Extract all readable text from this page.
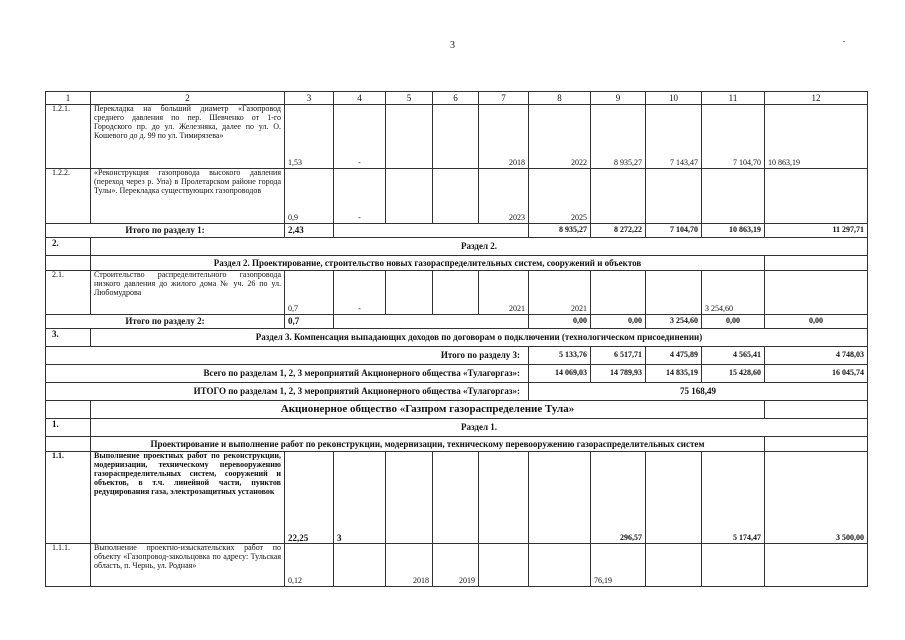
3
1	2	3	4	5	6	7	8	9	10	11	12	
1.2.1.	Перекладка на больший диаметр «Газопровод среднего давления по пер. Шевченко от 1-го Городского пр. до ул. Железняка, далее по ул. О. Кошевого до д. 99 по ул. Тимирязева»	1,53	-			2018	2022	8 935,27	7 143,47	7 104,70	10 863,19	
1.2.2.	«Реконструкция газопровода высокого давления (переход через р. Упа) в Пролетарском районе города Тулы». Перекладка существующих газопроводов	0,9	-			2023	2025					
Итого по разделу 1:		2,43					8 935,27	8 272,22	7 104,70	10 863,19	11 297,71	
2.	Раздел 2.											
	Раздел 2. Проектирование, строительство новых газораспределительных систем, сооружений и объектов											
2.1.	Строительство распределительного газопровода низкого давления до жилого дома № уч. 26 по ул. Любомудрова	0,7	-			2021	2021			3 254,60		
Итого по разделу 2:		0,7					0,00	0,00	3 254,60	0,00	0,00	
3.	Раздел 3. Компенсация выпадающих доходов по договорам о подключении (технологическом присоединении)											
Итого по разделу 3:							5 133,76	6 517,71	4 475,89	4 565,41	4 748,03	
Всего по разделам 1, 2, 3 мероприятий Акционерного общества «Тулагоргаз»:							14 069,03	14 789,93	14 835,19	15 428,60	16 045,74	
ИТОГО по разделам 1, 2, 3 мероприятий Акционерного общества «Тулагоргаз»:							75 168,49					
	Акционерное общество «Газпром газораспределение Тула»											
1.	Раздел 1.											
	Проектирование и выполнение работ по реконструкции, модернизации, техническому перевооружению газораспределительных систем											
1.1.	Выполнение проектных работ по реконструкции, модернизации, техническому перевооружению газораспределительных систем, сооружений и объектов, в т.ч. линейной части, пунктов редуцирования газа, электрозащитных установок	22,25	3					296,57		5 174,47	3 500,00	
1.1.1.	Выполнение проектно-изыскательских работ по объекту «Газопровод-закольцовка по адресу: Тульская область, п. Чернь, ул. Родная»	0,12		2018	2019			76,19				
